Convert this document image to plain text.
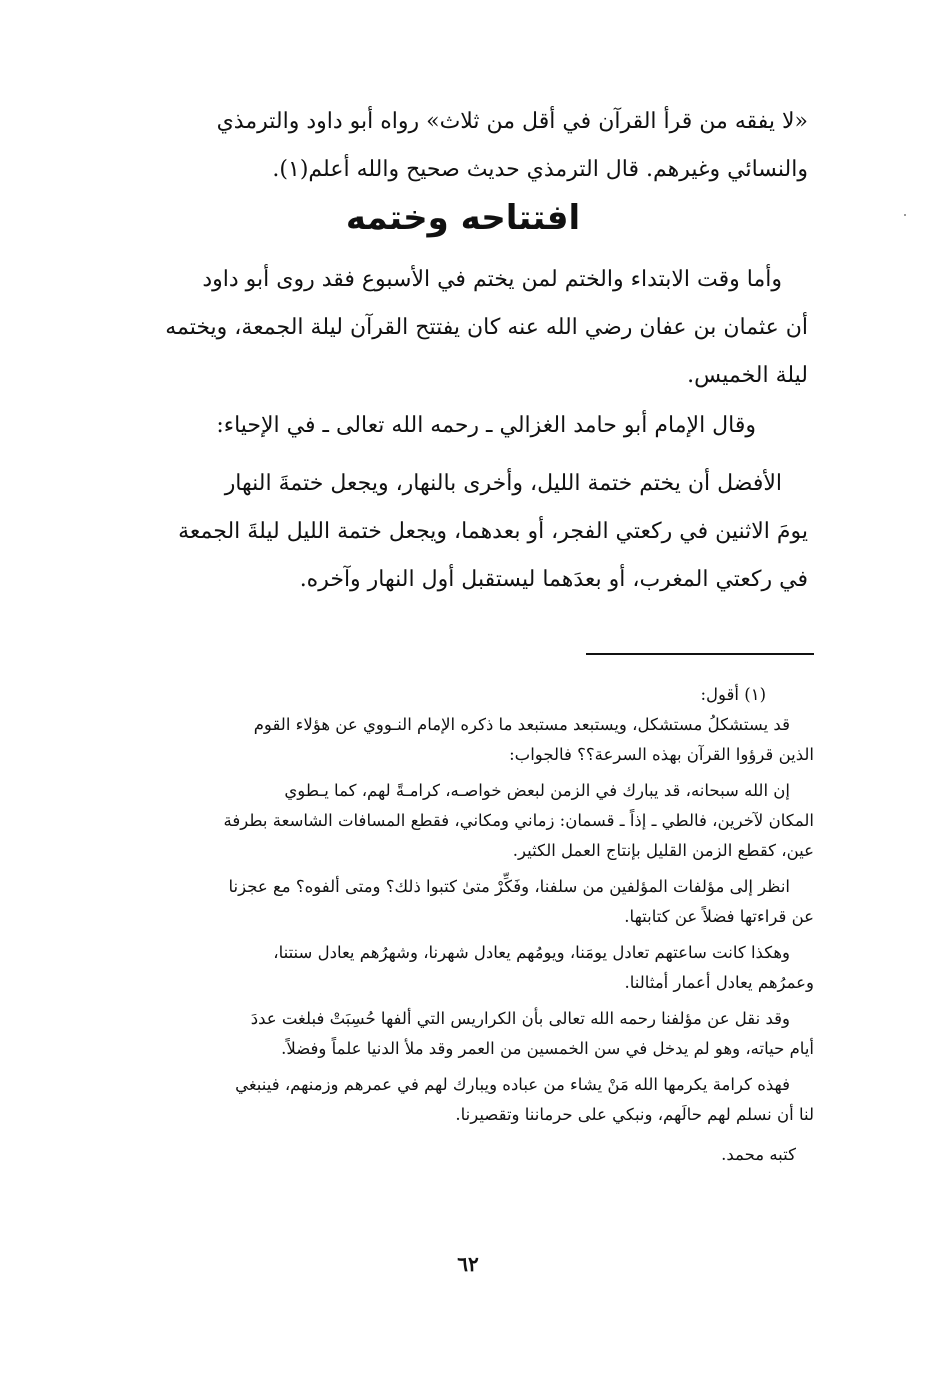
«لا يفقه من قرأ القرآن في أقل من ثلاث» رواه أبو داود والترمذي
والنسائي وغيرهم. قال الترمذي حديث صحيح والله أعلم(١).
افتتاحه وختمه
وأما وقت الابتداء والختم لمن يختم في الأسبوع فقد روى أبو داود
أن عثمان بن عفان رضي الله عنه كان يفتتح القرآن ليلة الجمعة، ويختمه
ليلة الخميس.
وقال الإمام أبو حامد الغزالي ـ رحمه الله تعالى ـ في الإحياء:
الأفضل أن يختم ختمة الليل، وأخرى بالنهار، ويجعل ختمةَ النهار
يومَ الاثنين في ركعتي الفجر، أو بعدهما، ويجعل ختمة الليل ليلةَ الجمعة
في ركعتي المغرب، أو بعدَهما ليستقبل أول النهار وآخره.
(١) أقول:
قد يستشكلُ مستشكل، ويستبعد مستبعد ما ذكره الإمام النـووي عن هؤلاء القوم
الذين قرؤوا القرآن بهذه السرعة؟؟ فالجواب:
إن الله سبحانه، قد يبارك في الزمن لبعض خواصـه، كرامـةً لهم، كما يـطوي
المكان لآخرين، فالطي ـ إذاً ـ قسمان: زماني ومكاني، فقطع المسافات الشاسعة بطرفة
عين، كقطع الزمن القليل بإنتاج العمل الكثير.
انظر إلى مؤلفات المؤلفين من سلفنا، وفَكِّرْ متىٰ كتبوا ذلك؟ ومتى ألفوه؟ مع عجزنا
عن قراءتها فضلاً عن كتابتها.
وهكذا كانت ساعتهم تعادل يومَنا، ويومُهم يعادل شهرنا، وشهرُهم يعادل سنتنا،
وعمرُهم يعادل أعمار أمثالنا.
وقد نقل عن مؤلفنا رحمه الله تعالى بأن الكراريس التي ألفها حُسِبَتْ فبلغت عددَ
أيام حياته، وهو لم يدخل في سن الخمسين من العمر وقد ملأ الدنيا علماً وفضلاً.
فهذه كرامة يكرمها الله مَنْ يشاء من عباده ويبارك لهم في عمرهم وزمنهم، فينبغي
لنا أن نسلم لهم حالَهم، ونبكي على حرماننا وتقصيرنا.
كتبه محمد.
٦٢
